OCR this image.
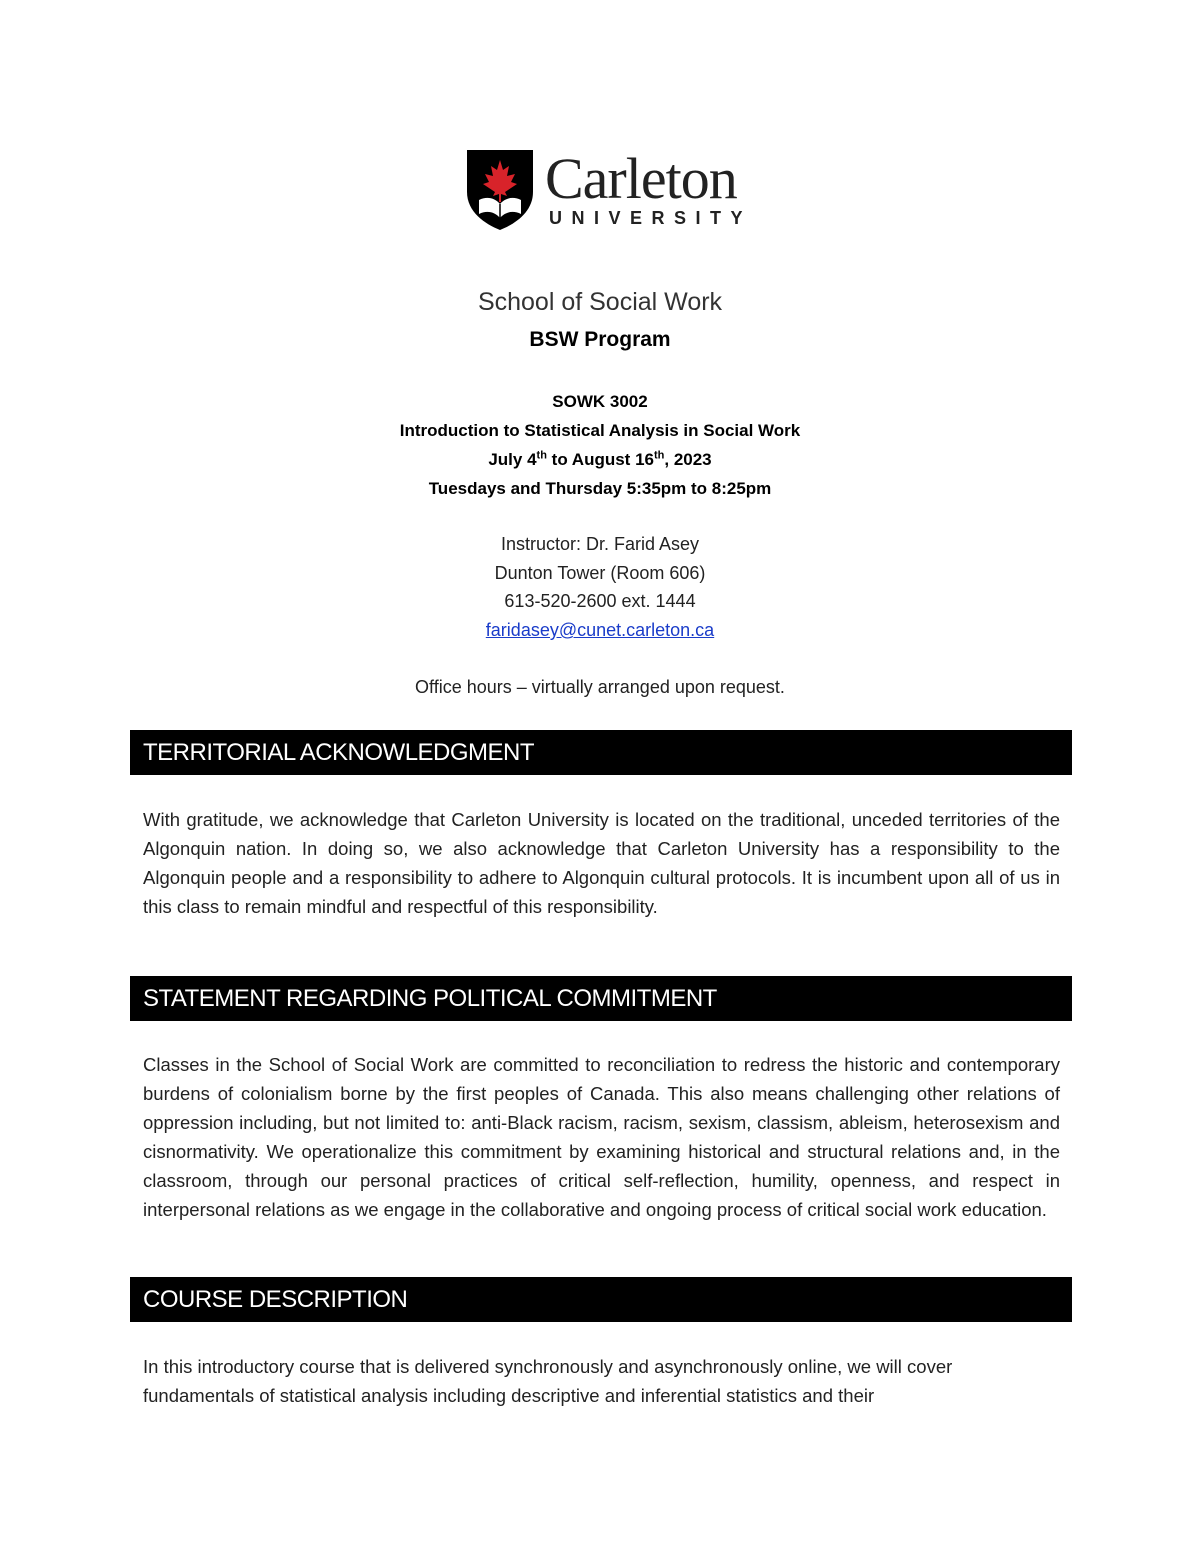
Carleton
UNIVERSITY
School of Social Work
BSW Program
SOWK 3002
Introduction to Statistical Analysis in Social Work
July 4th to August 16th, 2023
Tuesdays and Thursday 5:35pm to 8:25pm
Instructor: Dr. Farid Asey
Dunton Tower (Room 606)
613-520-2600 ext. 1444
faridasey@cunet.carleton.ca
Office hours – virtually arranged upon request.
TERRITORIAL ACKNOWLEDGMENT
With gratitude, we acknowledge that Carleton University is located on the traditional, unceded territories of the Algonquin nation. In doing so, we also acknowledge that Carleton University has a responsibility to the Algonquin people and a responsibility to adhere to Algonquin cultural protocols. It is incumbent upon all of us in this class to remain mindful and respectful of this responsibility.
STATEMENT REGARDING POLITICAL COMMITMENT
Classes in the School of Social Work are committed to reconciliation to redress the historic and contemporary burdens of colonialism borne by the first peoples of Canada. This also means challenging other relations of oppression including, but not limited to: anti-Black racism, racism, sexism, classism, ableism, heterosexism and cisnormativity. We operationalize this commitment by examining historical and structural relations and, in the classroom, through our personal practices of critical self-reflection, humility, openness, and respect in interpersonal relations as we engage in the collaborative and ongoing process of critical social work education.
COURSE DESCRIPTION
In this introductory course that is delivered synchronously and asynchronously online, we will cover fundamentals of statistical analysis including descriptive and inferential statistics and their
